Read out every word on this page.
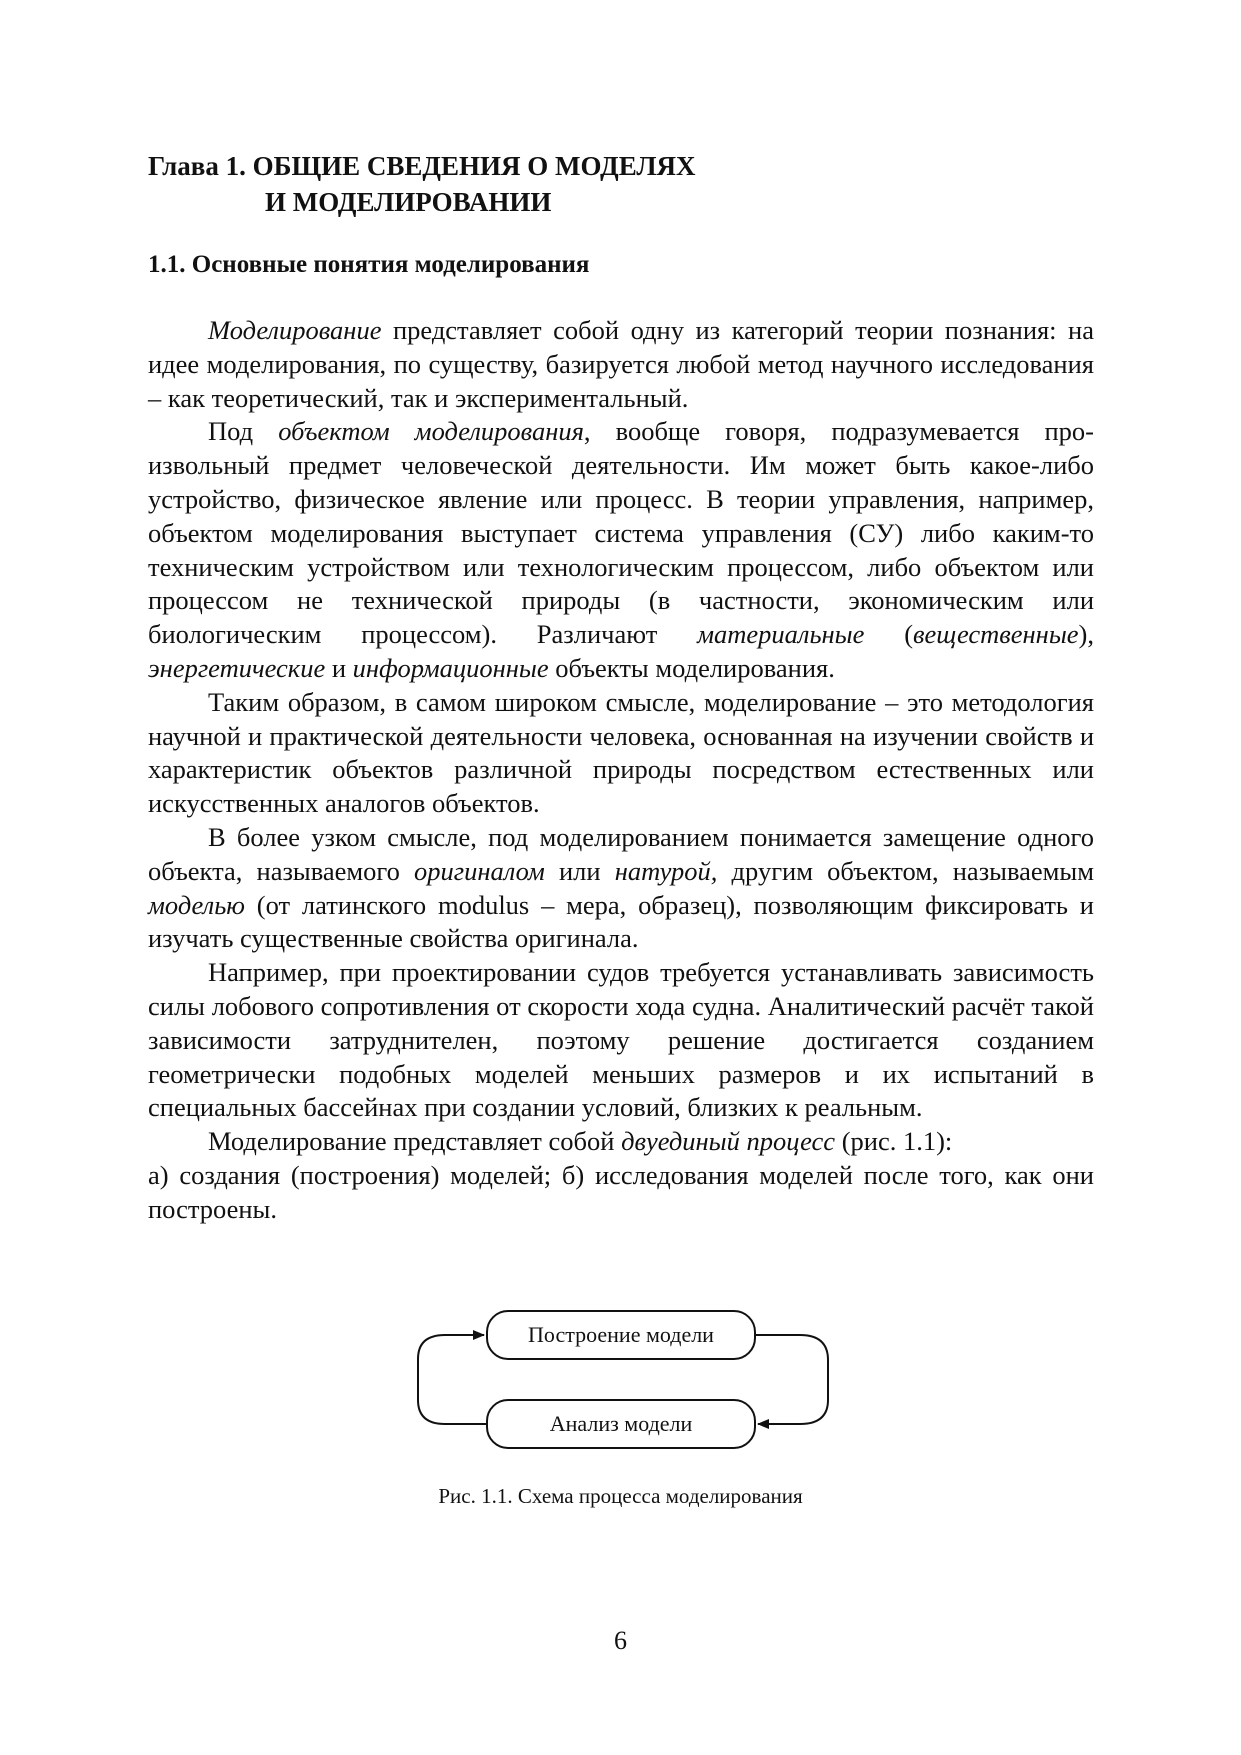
Глава 1. ОБЩИЕ СВЕДЕНИЯ О МОДЕЛЯХ
И МОДЕЛИРОВАНИИ
1.1. Основные понятия моделирования

Моделирование представляет собой одну из категорий теории познания: на идее моделирования, по существу, базируется любой метод научного исследования – как теоретический, так и экспериментальный.

Под объектом моделирования, вообще говоря, подразумевается произвольный предмет человеческой деятельности. Им может быть какое-либо устройство, физическое явление или процесс. В теории управления, например, объектом моделирования выступает система управления (СУ) либо каким-то техническим устройством или технологическим процессом, либо объектом или процессом не технической природы (в частности, экономическим или биологическим процессом). Различают материальные (вещественные), энергетические и информационные объекты моделирования.

Таким образом, в самом широком смысле, моделирование – это методология научной и практической деятельности человека, основанная на изучении свойств и характеристик объектов различной природы посредством естественных или искусственных аналогов объектов.

В более узком смысле, под моделированием понимается замещение одного объекта, называемого оригиналом или натурой, другим объектом, называемым моделью (от латинского modulus – мера, образец), позволяющим фиксировать и изучать существенные свойства оригинала.

Например, при проектировании судов требуется устанавливать зависимость силы лобового сопротивления от скорости хода судна. Аналитический расчёт такой зависимости затруднителен, поэтому решение достигается созданием геометрически подобных моделей меньших размеров и их испытаний в специальных бассейнах при создании условий, близких к реальным.

Моделирование представляет собой двуединый процесс (рис. 1.1):

а) создания (построения) моделей; б) исследования моделей после того, как они построены.

Построение модели
Анализ модели
Рис. 1.1. Схема процесса моделирования
6
